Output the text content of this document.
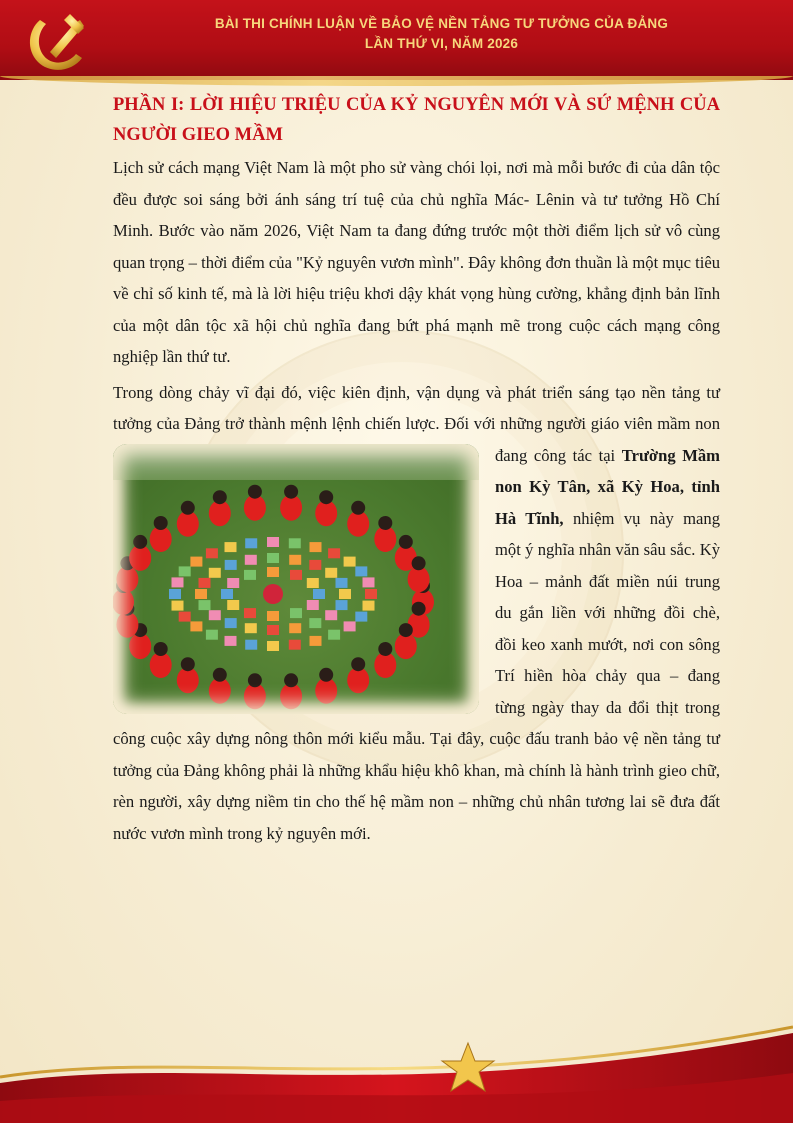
BÀI THI CHÍNH LUẬN VỀ BẢO VỆ NỀN TẢNG TƯ TƯỞNG CỦA ĐẢNG
LẦN THỨ VI, NĂM 2026
PHẦN I: LỜI HIỆU TRIỆU CỦA KỶ NGUYÊN MỚI VÀ SỨ MỆNH CỦA NGƯỜI GIEO MẦM

Lịch sử cách mạng Việt Nam là một pho sử vàng chói lọi, nơi mà mỗi bước đi của dân tộc đều được soi sáng bởi ánh sáng trí tuệ của chủ nghĩa Mác- Lênin và tư tưởng Hồ Chí Minh. Bước vào năm 2026, Việt Nam ta đang đứng trước một thời điểm lịch sử vô cùng quan trọng – thời điểm của "Kỷ nguyên vươn mình". Đây không đơn thuần là một mục tiêu về chỉ số kinh tế, mà là lời hiệu triệu khơi dậy khát vọng hùng cường, khẳng định bản lĩnh của một dân tộc xã hội chủ nghĩa đang bứt phá mạnh mẽ trong cuộc cách mạng công nghiệp lần thứ tư.

Trong dòng chảy vĩ đại đó, việc kiên định, vận dụng và phát triển sáng tạo nền tảng tư tưởng của Đảng trở thành mệnh lệnh chiến lược. Đối với những người
giáo viên mầm non đang công tác tại Trường Mầm non Kỳ Tân, xã Kỳ Hoa, tỉnh Hà Tĩnh, nhiệm vụ này mang một ý nghĩa nhân văn sâu sắc. Kỳ Hoa – mảnh đất miền núi trung du gắn liền với những đồi chè, đồi keo xanh mướt, nơi con sông Trí hiền hòa chảy qua – đang từng ngày thay da đổi thịt trong công cuộc xây dựng nông thôn mới kiểu mẫu. Tại đây, cuộc đấu tranh bảo vệ nền tảng tư tưởng của Đảng không phải là những khẩu hiệu khô khan, mà chính là hành trình gieo chữ, rèn người, xây dựng niềm tin cho thế hệ mầm non – những chủ nhân tương lai sẽ đưa đất nước vươn mình trong kỷ nguyên mới.
